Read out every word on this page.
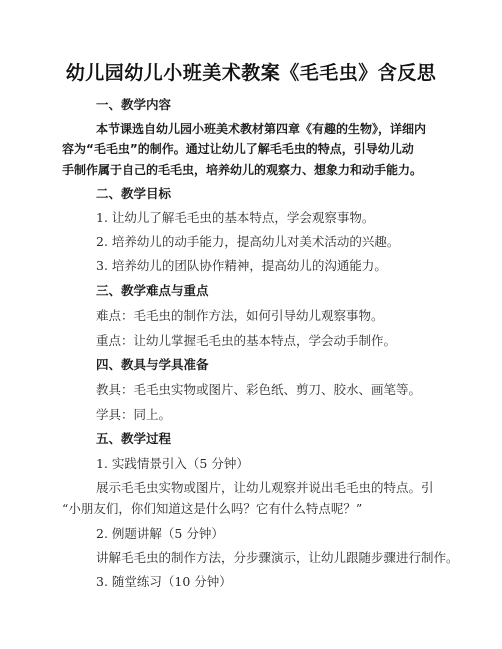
幼儿园幼儿小班美术教案《毛毛虫》含反思
一、教学内容
本节课选自幼儿园小班美术教材第四章《有趣的生物》，详细内
容为“毛毛虫”的制作。通过让幼儿了解毛毛虫的特点，引导幼儿动
手制作属于自己的毛毛虫，培养幼儿的观察力、想象力和动手能力。
二、教学目标
1. 让幼儿了解毛毛虫的基本特点，学会观察事物。
2. 培养幼儿的动手能力，提高幼儿对美术活动的兴趣。
3. 培养幼儿的团队协作精神，提高幼儿的沟通能力。
三、教学难点与重点
难点：毛毛虫的制作方法，如何引导幼儿观察事物。
重点：让幼儿掌握毛毛虫的基本特点，学会动手制作。
四、教具与学具准备
教具：毛毛虫实物或图片、彩色纸、剪刀、胶水、画笔等。
学具：同上。
五、教学过程
1. 实践情景引入（5 分钟）
展示毛毛虫实物或图片，让幼儿观察并说出毛毛虫的特点。引
“小朋友们，你们知道这是什么吗？它有什么特点呢？”
2. 例题讲解（5 分钟）
讲解毛毛虫的制作方法，分步骤演示，让幼儿跟随步骤进行制作。
3. 随堂练习（10 分钟）
